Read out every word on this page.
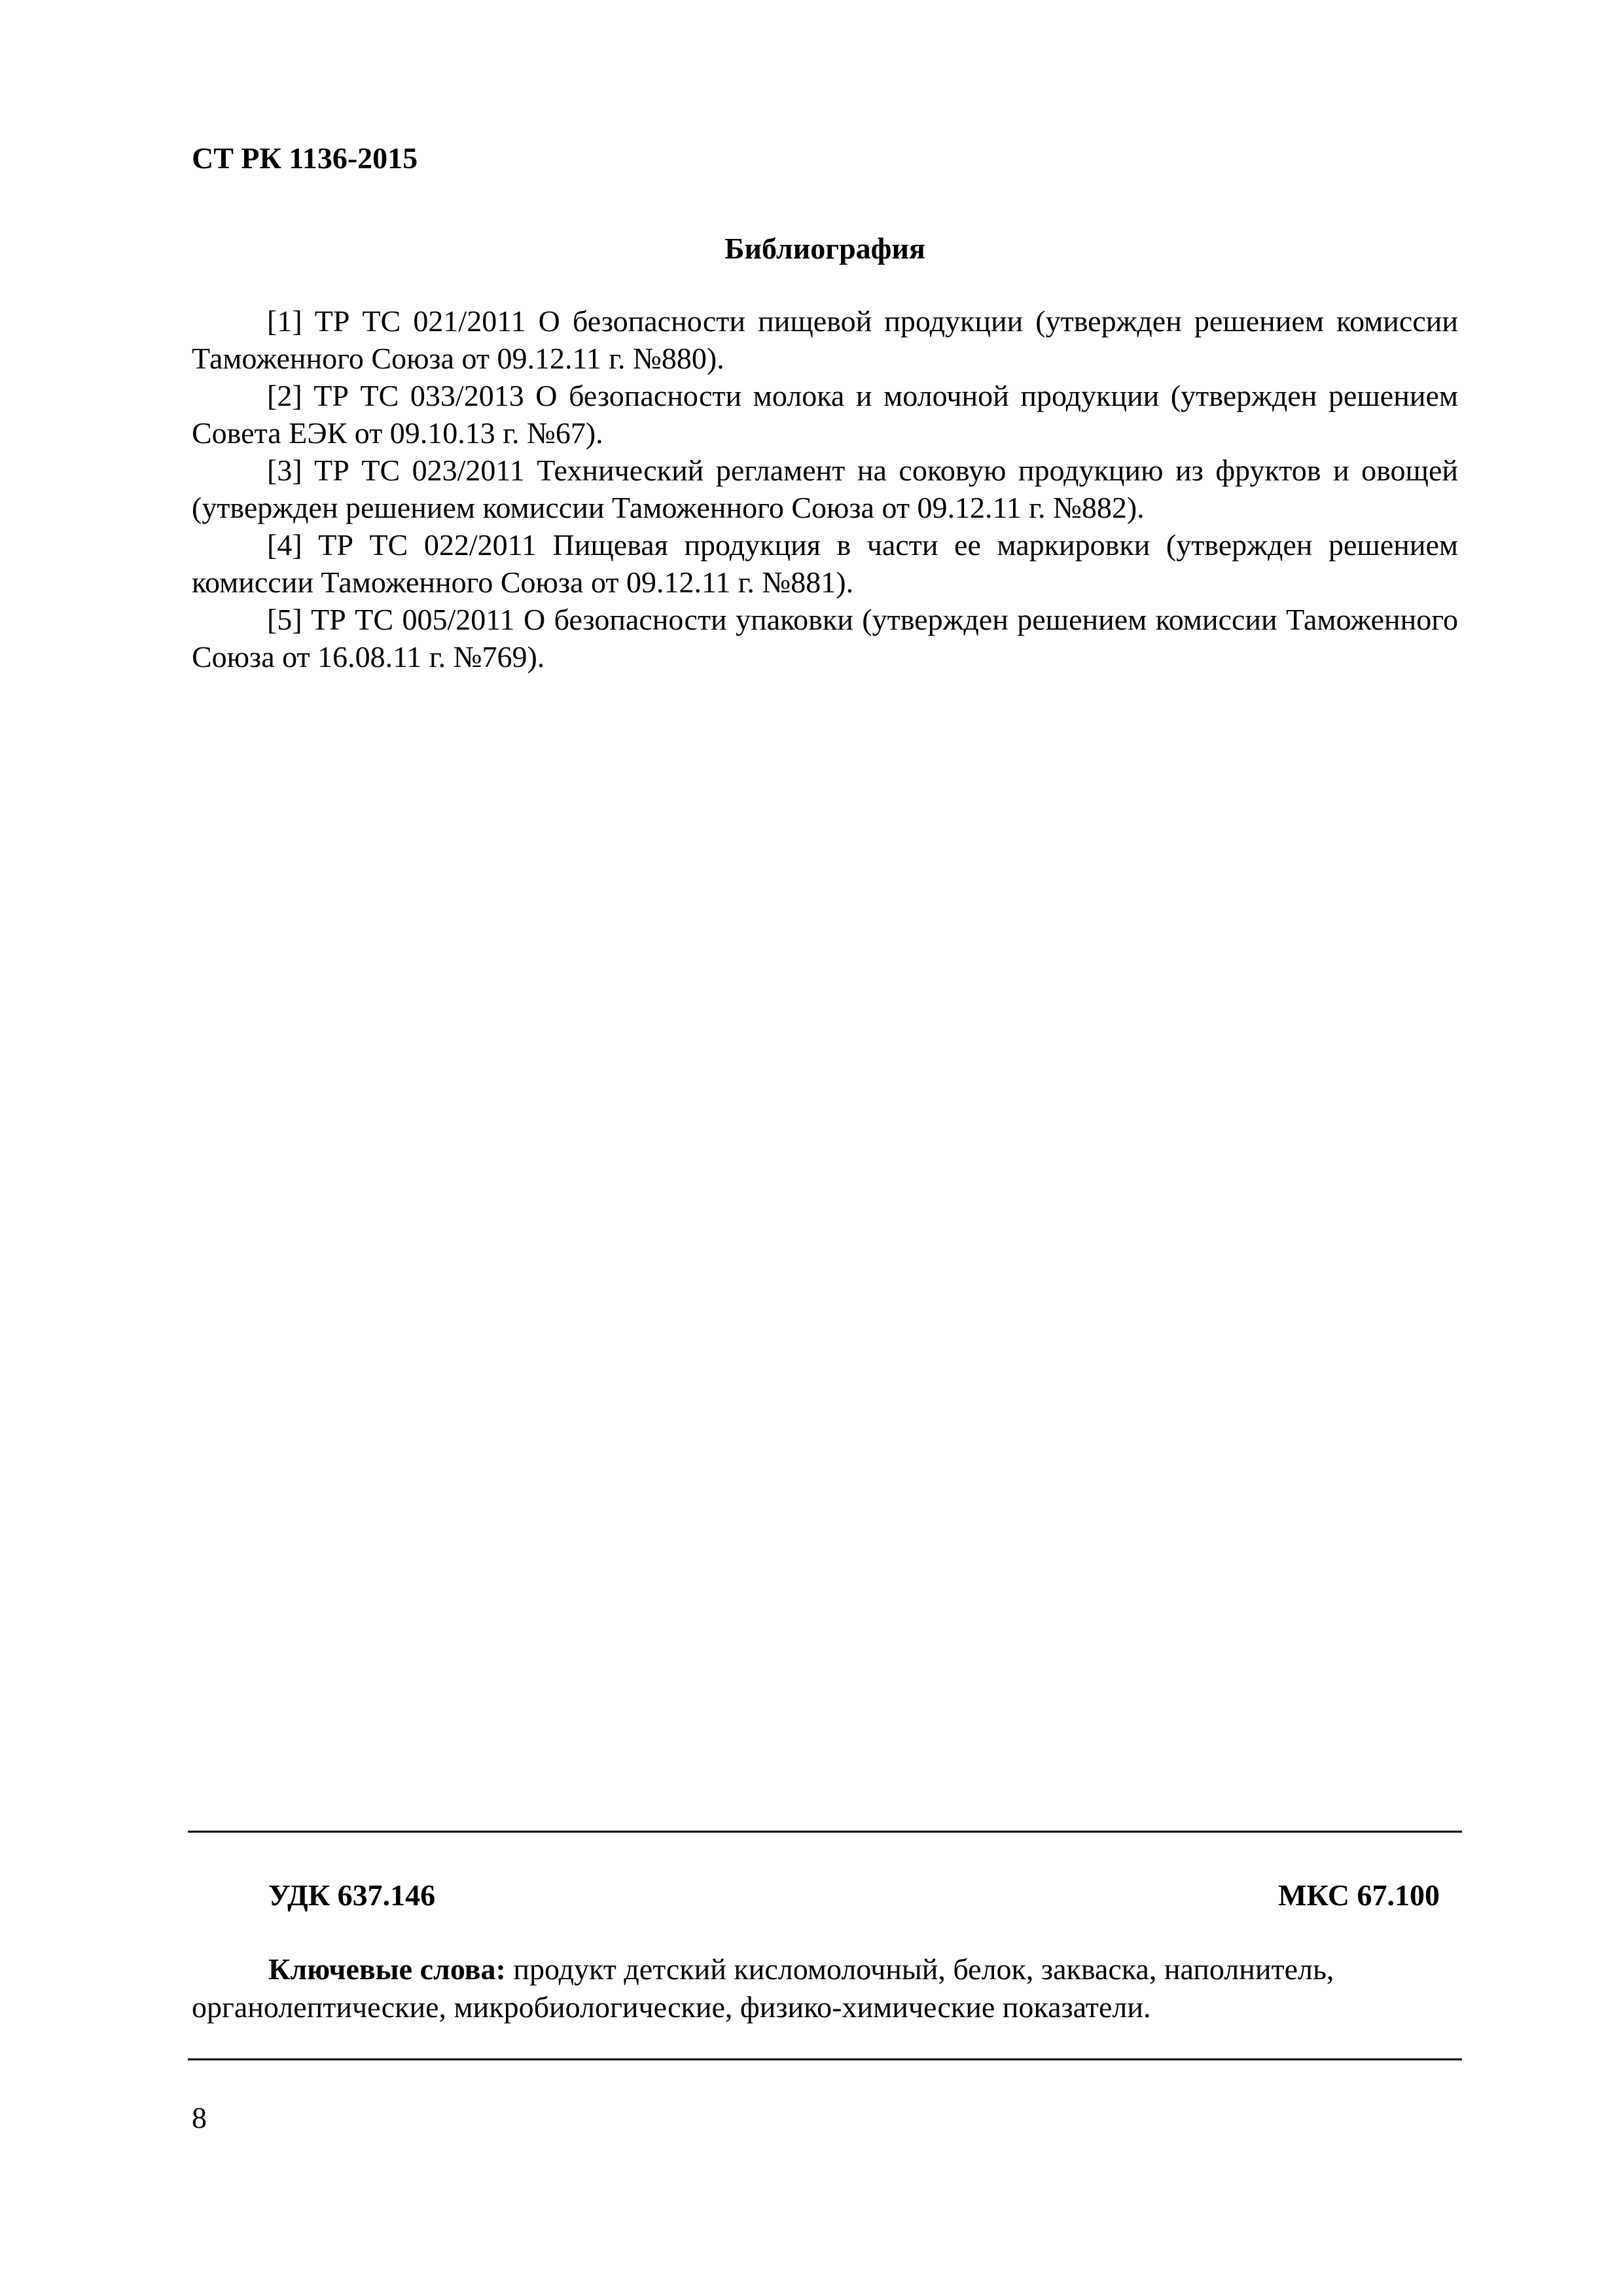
СТ РК 1136-2015
Библиография

[1] ТР ТС 021/2011 О безопасности пищевой продукции (утвержден решением комиссии Таможенного Союза от 09.12.11 г. №880).

[2] ТР ТС 033/2013 О безопасности молока и молочной продукции (утвержден решением Совета ЕЭК от 09.10.13 г. №67).

[3] ТР ТС 023/2011 Технический регламент на соковую продукцию из фруктов и овощей (утвержден решением комиссии Таможенного Союза от 09.12.11 г. №882).

[4] ТР ТС 022/2011 Пищевая продукция в части ее маркировки (утвержден решением комиссии Таможенного Союза от 09.12.11 г. №881).

[5] ТР ТС 005/2011 О безопасности упаковки (утвержден решением комиссии Таможенного Союза от 16.08.11 г. №769).

УДК 637.146	МКС 67.100

Ключевые слова: продукт детский кисломолочный, белок, закваска, наполнитель, органолептические, микробиологические, физико-химические показатели.

8
